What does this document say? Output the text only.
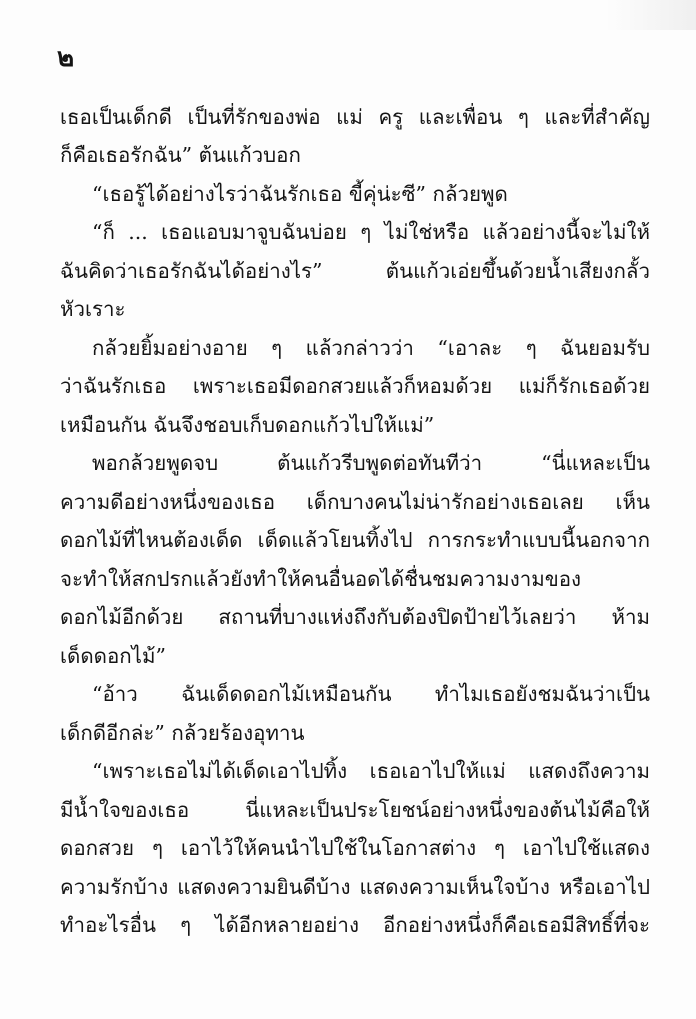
๒
เธอเป็นเด็กดี เป็นที่รักของพ่อ แม่ ครู และเพื่อน ๆ และที่สำคัญ
ก็คือเธอรักฉัน” ต้นแก้วบอก
“เธอรู้ได้อย่างไรว่าฉันรักเธอ ขี้คุ่น่ะซี” กล้วยพูด
“ก็ ... เธอแอบมาจูบฉันบ่อย ๆ ไม่ใช่หรือ แล้วอย่างนี้จะไม่ให้
ฉันคิดว่าเธอรักฉันได้อย่างไร” ต้นแก้วเอ่ยขึ้นด้วยน้ำเสียงกลั้ว
หัวเราะ
กล้วยยิ้มอย่างอาย ๆ แล้วกล่าวว่า “เอาละ ๆ ฉันยอมรับ
ว่าฉันรักเธอ เพราะเธอมีดอกสวยแล้วก็หอมด้วย แม่ก็รักเธอด้วย
เหมือนกัน ฉันจึงชอบเก็บดอกแก้วไปให้แม่”
พอกล้วยพูดจบ ต้นแก้วรีบพูดต่อทันทีว่า “นี่แหละเป็น
ความดีอย่างหนึ่งของเธอ เด็กบางคนไม่น่ารักอย่างเธอเลย เห็น
ดอกไม้ที่ไหนต้องเด็ด เด็ดแล้วโยนทิ้งไป การกระทำแบบนี้นอกจาก
จะทำให้สกปรกแล้วยังทำให้คนอื่นอดได้ชื่นชมความงามของ
ดอกไม้อีกด้วย สถานที่บางแห่งถึงกับต้องปิดป้ายไว้เลยว่า ห้าม
เด็ดดอกไม้”
“อ้าว ฉันเด็ดดอกไม้เหมือนกัน ทำไมเธอยังชมฉันว่าเป็น
เด็กดีอีกล่ะ” กล้วยร้องอุทาน
“เพราะเธอไม่ได้เด็ดเอาไปทิ้ง เธอเอาไปให้แม่ แสดงถึงความ
มีน้ำใจของเธอ นี่แหละเป็นประโยชน์อย่างหนึ่งของต้นไม้คือให้
ดอกสวย ๆ เอาไว้ให้คนนำไปใช้ในโอกาสต่าง ๆ เอาไปใช้แสดง
ความรักบ้าง แสดงความยินดีบ้าง แสดงความเห็นใจบ้าง หรือเอาไป
ทำอะไรอื่น ๆ ได้อีกหลายอย่าง อีกอย่างหนึ่งก็คือเธอมีสิทธิ์ที่จะ
